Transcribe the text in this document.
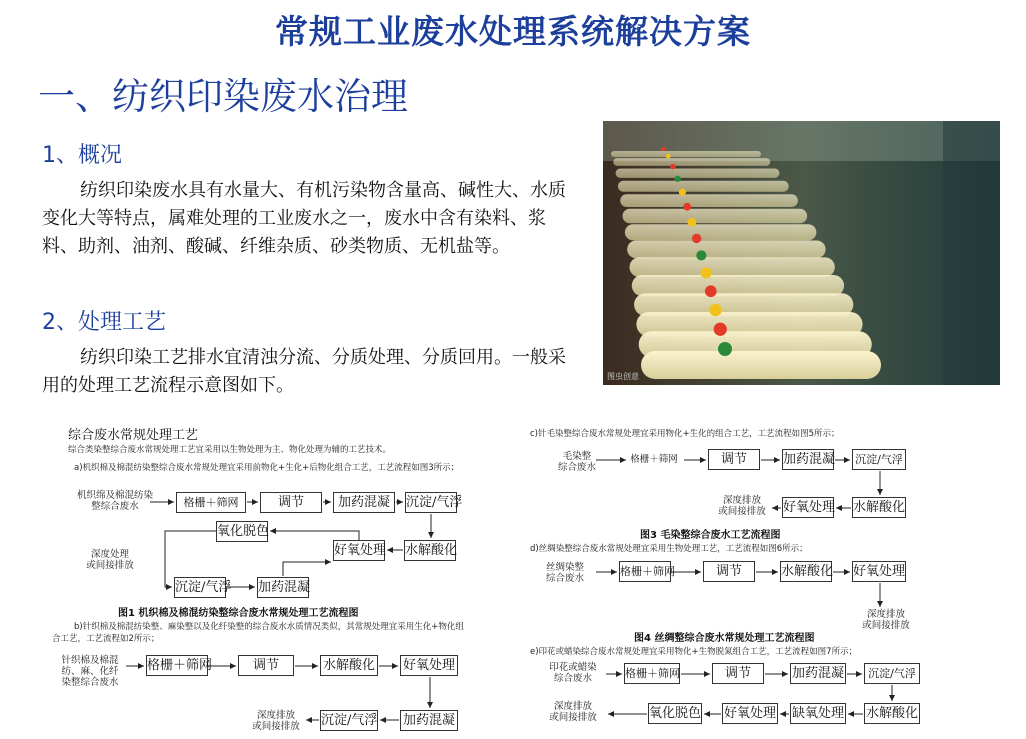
常规工业废水处理系统解决方案
一、纺织印染废水治理
1、概况
纺织印染废水具有水量大、有机污染物含量高、碱性大、水质变化大等特点，属难处理的工业废水之一，废水中含有染料、浆料、助剂、油剂、酸碱、纤维杂质、砂类物质、无机盐等。
2、处理工艺
纺织印染工艺排水宜清浊分流、分质处理、分质回用。一般采用的处理工艺流程示意图如下。	图虫创意
综合废水常规处理工艺
综合类染整综合废水常规处理工艺宜采用以生物处理为主、物化处理为辅的工艺技术。
a)机织棉及棉混纺染整综合废水常规处理宜采用前物化+生化+后物化组合工艺，工艺流程如图3所示；
机织绵及棉混纺染
整综合废水	格栅＋筛网	调节	加药混凝	沉淀/气浮
氧化脱色
好氧处理 水解酸化
深度处理
或间接排放
沉淀/气浮 加药混凝
图1 机织棉及棉混纺染整综合废水常规处理工艺流程图
b)针织棉及棉混纺染整、麻染整以及化纤染整的综合废水水质情况类似，其常规处理宜采用生化+物化组合工艺，工艺流程如2所示；
针织棉及棉混
纺、麻、化纤
染整综合废水
格栅＋筛网	调节	水解酸化 好氧处理
深度排放
或间接排放	沉淀/气浮 加药混凝
c)针毛染整综合废水常规处理宜采用物化+生化的组合工艺，工艺流程如图5所示；
毛染整
综合废水
格栅＋筛网	调节	加药混凝 沉淀/气浮
深度排放
或间接排放	好氧处理 水解酸化
图3 毛染整综合废水工艺流程图
d)丝绸染整综合废水常规处理宜采用生物处理工艺，工艺流程如图6所示；
丝绸染整
综合废水
格栅＋筛网	调节	水解酸化 好氧处理
深度排放
或间接排放
图4 丝绸整综合废水常规处理工艺流程图
e)印花或蜡染综合废水常规处理宜采用物化+生物脱氮组合工艺，工艺流程如图7所示；
印花或蜡染
综合废水	格栅＋筛网	调节	加药混凝	沉淀/气浮
深度排放
或间接排放	氧化脱色 好氧处理 缺氧处理 水解酸化
